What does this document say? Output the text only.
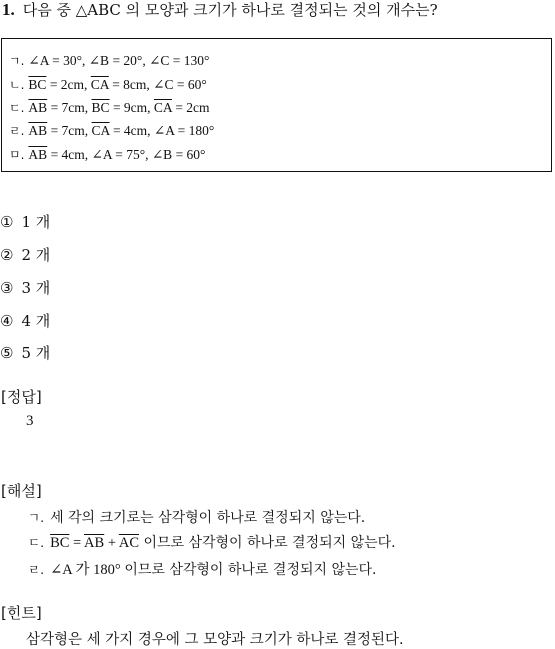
1. 다음 중 △ABC 의 모양과 크기가 하나로 결정되는 것의 개수는?
ㄱ. ∠A = 30°, ∠B = 20°, ∠C = 130°
ㄴ. $\overline{BC} = 2cm$, $\overline{CA} = 8cm$, ∠C = 60°
ㄷ. $\overline{AB} = 7cm$, $\overline{BC} = 9cm$, $\overline{CA} = 2cm$
ㄹ. $\overline{AB} = 7cm$, $\overline{CA} = 4cm$, ∠A = 180°
ㅁ. $\overline{AB} = 4cm$, ∠A = 75°, ∠B = 60°
① 1 개
② 2 개
③ 3 개
④ 4 개
⑤ 5 개
[정답]
3
[해설]
ㄱ. 세 각의 크기로는 삼각형이 하나로 결정되지 않는다.
ㄷ. $\overline{BC} = \overline{AB} + \overline{AC}$ 이므로 삼각형이 하나로 결정되지 않는다.
ㄹ. ∠A 가 180° 이므로 삼각형이 하나로 결정되지 않는다.
[힌트]
삼각형은 세 가지 경우에 그 모양과 크기가 하나로 결정된다.
